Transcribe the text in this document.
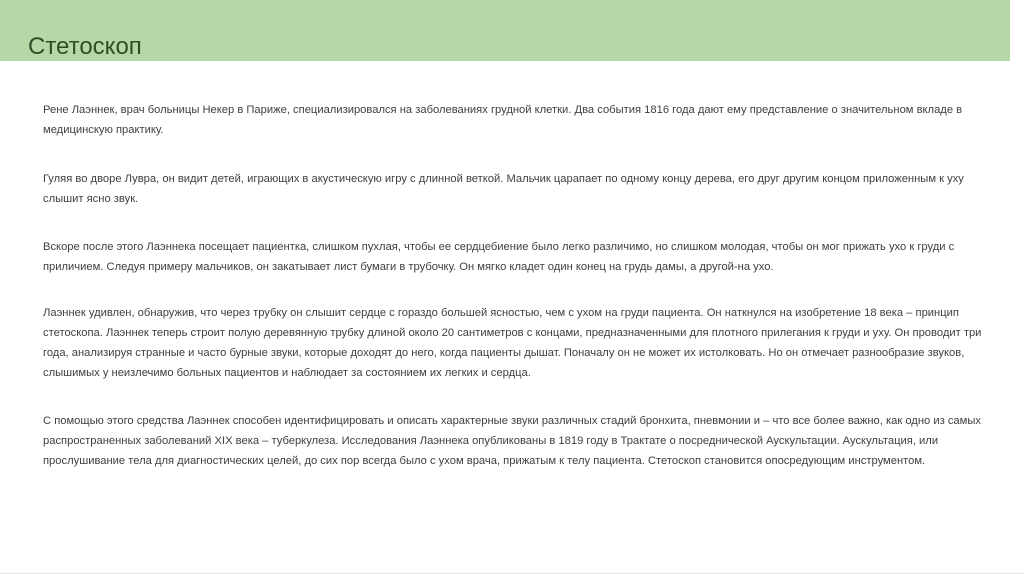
Стетоскоп

Рене Лаэннек, врач больницы Некер в Париже, специализировался на заболеваниях грудной клетки. Два события 1816 года дают ему представление о значительном вкладе в медицинскую практику.

Гуляя во дворе Лувра, он видит детей, играющих в акустическую игру с длинной веткой. Мальчик царапает по одному концу дерева, его друг другим концом приложенным к уху слышит ясно звук.

Вскоре после этого Лаэннека посещает пациентка, слишком пухлая, чтобы ее сердцебиение было легко различимо, но слишком молодая, чтобы он мог прижать ухо к груди с приличием. Следуя примеру мальчиков, он закатывает лист бумаги в трубочку. Он мягко кладет один конец на грудь дамы, а другой-на ухо.

Лаэннек удивлен, обнаружив, что через трубку он слышит сердце с гораздо большей ясностью, чем с ухом на груди пациента. Он наткнулся на изобретение 18 века – принцип стетоскопа. Лаэннек теперь строит полую деревянную трубку длиной около 20 сантиметров с концами, предназначенными для плотного прилегания к груди и уху. Он проводит три года, анализируя странные и часто бурные звуки, которые доходят до него, когда пациенты дышат. Поначалу он не может их истолковать. Но он отмечает разнообразие звуков, слышимых у неизлечимо больных пациентов и наблюдает за состоянием их легких и сердца.

С помощью этого средства Лаэннек способен идентифицировать и описать характерные звуки различных стадий бронхита, пневмонии и – что все более важно, как одно из самых распространенных заболеваний XIX века – туберкулеза. Исследования Лаэннека опубликованы в 1819 году в Трактате о посреднической Аускультации. Аускультация, или прослушивание тела для диагностических целей, до сих пор всегда было с ухом врача, прижатым к телу пациента. Стетоскоп становится опосредующим инструментом.
